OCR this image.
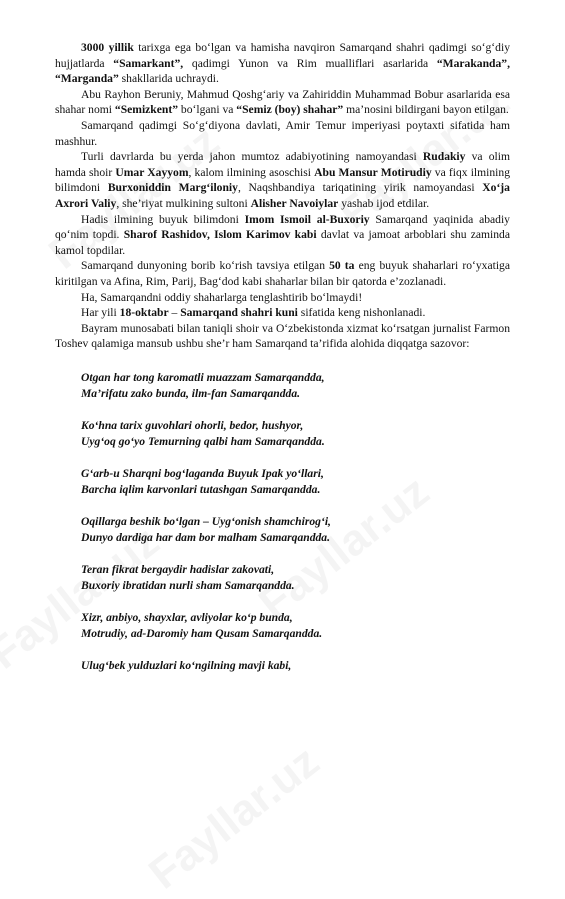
3000 yillik tarixga ega bo‘lgan va hamisha navqiron Samarqand shahri qadimgi so‘g‘diy hujjatlarda “Samarkant”, qadimgi Yunon va Rim mualliflari asarlarida “Marakanda”, “Marganda” shakllarida uchraydi.

Abu Rayhon Beruniy, Mahmud Qoshg‘ariy va Zahiriddin Muhammad Bobur asarlarida esa shahar nomi “Semizkent” bo‘lgani va “Semiz (boy) shahar” ma’nosini bildirgani bayon etilgan.

Samarqand qadimgi So‘g‘diyona davlati, Amir Temur imperiyasi poytaxti sifatida ham mashhur.

Turli davrlarda bu yerda jahon mumtoz adabiyotining namoyandasi Rudakiy va olim hamda shoir Umar Xayyom, kalom ilmining asoschisi Abu Mansur Motirudiy va fiqx ilmining bilimdoni Burxoniddin Marg‘iloniy, Naqshbandiya tariqatining yirik namoyandasi Xo‘ja Axrori Valiy, she’riyat mulkining sultoni Alisher Navoiylar yashab ijod etdilar.

Hadis ilmining buyuk bilimdoni Imom Ismoil al-Buxoriy Samarqand yaqinida abadiy qo‘nim topdi. Sharof Rashidov, Islom Karimov kabi davlat va jamoat arboblari shu zaminda kamol topdilar.

Samarqand dunyoning borib ko‘rish tavsiya etilgan 50 ta eng buyuk shaharlari ro‘yxatiga kiritilgan va Afina, Rim, Parij, Bag‘dod kabi shaharlar bilan bir qatorda e’zozlanadi.

Ha, Samarqandni oddiy shaharlarga tenglashtirib bo‘lmaydi!

Har yili 18-oktabr – Samarqand shahri kuni sifatida keng nishonlanadi.

Bayram munosabati bilan taniqli shoir va O‘zbekistonda xizmat ko‘rsatgan jurnalist Farmon Toshev qalamiga mansub ushbu she’r ham Samarqand ta’rifida alohida diqqatga sazovor:

Otgan har tong karomatli muazzam Samarqandda,
Ma’rifatu zako bunda, ilm-fan Samarqandda.
Ko‘hna tarix guvohlari ohorli, bedor, hushyor,
Uyg‘oq go‘yo Temurning qalbi ham Samarqandda.
G‘arb-u Sharqni bog‘laganda Buyuk Ipak yo‘llari,
Barcha iqlim karvonlari tutashgan Samarqandda.
Oqillarga beshik bo‘lgan – Uyg‘onish shamchirog‘i,
Dunyo dardiga har dam bor malham Samarqandda.
Teran fikrat bergaydir hadislar zakovati,
Buxoriy ibratidan nurli sham Samarqandda.
Xizr, anbiyo, shayxlar, avliyolar ko‘p bunda,
Motrudiy, ad-Daromiy ham Qusam Samarqandda.
Ulug‘bek yulduzlari ko‘ngilning mavji kabi,
